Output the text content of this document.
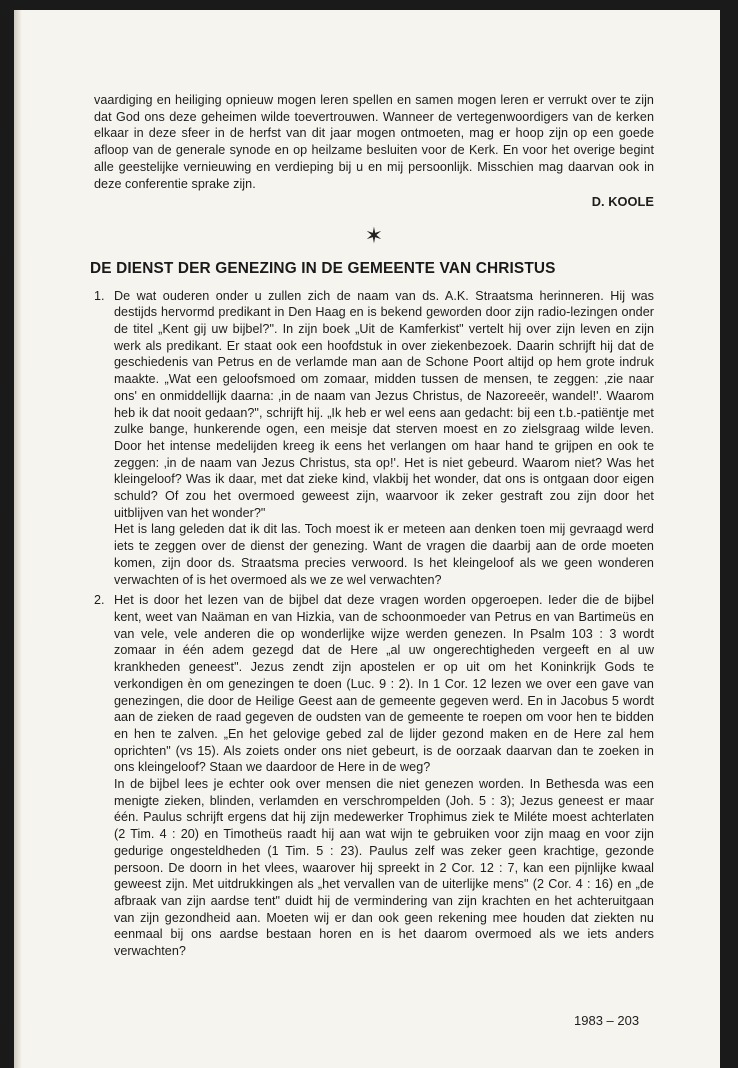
vaardiging en heiliging opnieuw mogen leren spellen en samen mogen leren er verrukt over te zijn dat God ons deze geheimen wilde toevertrouwen. Wanneer de vertegenwoordigers van de kerken elkaar in deze sfeer in de herfst van dit jaar mogen ontmoeten, mag er hoop zijn op een goede afloop van de generale synode en op heilzame besluiten voor de Kerk. En voor het overige begint alle geestelijke vernieuwing en verdieping bij u en mij persoonlijk. Misschien mag daarvan ook in deze conferentie sprake zijn.

D. KOOLE
✶
DE DIENST DER GENEZING IN DE GEMEENTE VAN CHRISTUS
1. De wat ouderen onder u zullen zich de naam van ds. A.K. Straatsma herinneren. Hij was destijds hervormd predikant in Den Haag en is bekend geworden door zijn radio-lezingen onder de titel „Kent gij uw bijbel?". In zijn boek „Uit de Kamferkist" vertelt hij over zijn leven en zijn werk als predikant. Er staat ook een hoofdstuk in over ziekenbezoek. Daarin schrijft hij dat de geschiedenis van Petrus en de verlamde man aan de Schone Poort altijd op hem grote indruk maakte. „Wat een geloofsmoed om zomaar, midden tussen de mensen, te zeggen: ‚zie naar ons' en onmiddellijk daarna: ‚in de naam van Jezus Christus, de Nazoreeër, wandel!'. Waarom heb ik dat nooit gedaan?", schrijft hij. „Ik heb er wel eens aan gedacht: bij een t.b.-patiëntje met zulke bange, hunkerende ogen, een meisje dat sterven moest en zo zielsgraag wilde leven. Door het intense medelijden kreeg ik eens het verlangen om haar hand te grijpen en ook te zeggen: ‚in de naam van Jezus Christus, sta op!'. Het is niet gebeurd. Waarom niet? Was het kleingeloof? Was ik daar, met dat zieke kind, vlakbij het wonder, dat ons is ontgaan door eigen schuld? Of zou het overmoed geweest zijn, waarvoor ik zeker gestraft zou zijn door het uitblijven van het wonder?"

Het is lang geleden dat ik dit las. Toch moest ik er meteen aan denken toen mij gevraagd werd iets te zeggen over de dienst der genezing. Want de vragen die daarbij aan de orde moeten komen, zijn door ds. Straatsma precies verwoord. Is het kleingeloof als we geen wonderen verwachten of is het overmoed als we ze wel verwachten?

2. Het is door het lezen van de bijbel dat deze vragen worden opgeroepen. Ieder die de bijbel kent, weet van Naäman en van Hizkia, van de schoonmoeder van Petrus en van Bartimeüs en van vele, vele anderen die op wonderlijke wijze werden genezen. In Psalm 103 : 3 wordt zomaar in één adem gezegd dat de Here „al uw ongerechtigheden vergeeft en al uw krankheden geneest". Jezus zendt zijn apostelen er op uit om het Koninkrijk Gods te verkondigen èn om genezingen te doen (Luc. 9 : 2). In 1 Cor. 12 lezen we over een gave van genezingen, die door de Heilige Geest aan de gemeente gegeven werd. En in Jacobus 5 wordt aan de zieken de raad gegeven de oudsten van de gemeente te roepen om voor hen te bidden en hen te zalven. „En het gelovige gebed zal de lijder gezond maken en de Here zal hem oprichten" (vs 15). Als zoiets onder ons niet gebeurt, is de oorzaak daarvan dan te zoeken in ons kleingeloof? Staan we daardoor de Here in de weg?

In de bijbel lees je echter ook over mensen die niet genezen worden. In Bethesda was een menigte zieken, blinden, verlamden en verschrompelden (Joh. 5 : 3); Jezus geneest er maar één. Paulus schrijft ergens dat hij zijn medewerker Trophimus ziek te Miléte moest achterlaten (2 Tim. 4 : 20) en Timotheüs raadt hij aan wat wijn te gebruiken voor zijn maag en voor zijn gedurige ongesteldheden (1 Tim. 5 : 23). Paulus zelf was zeker geen krachtige, gezonde persoon. De doorn in het vlees, waarover hij spreekt in 2 Cor. 12 : 7, kan een pijnlijke kwaal geweest zijn. Met uitdrukkingen als „het vervallen van de uiterlijke mens" (2 Cor. 4 : 16) en „de afbraak van zijn aardse tent" duidt hij de vermindering van zijn krachten en het achteruitgaan van zijn gezondheid aan. Moeten wij er dan ook geen rekening mee houden dat ziekten nu eenmaal bij ons aardse bestaan horen en is het daarom overmoed als we iets anders verwachten?

1983 – 203
